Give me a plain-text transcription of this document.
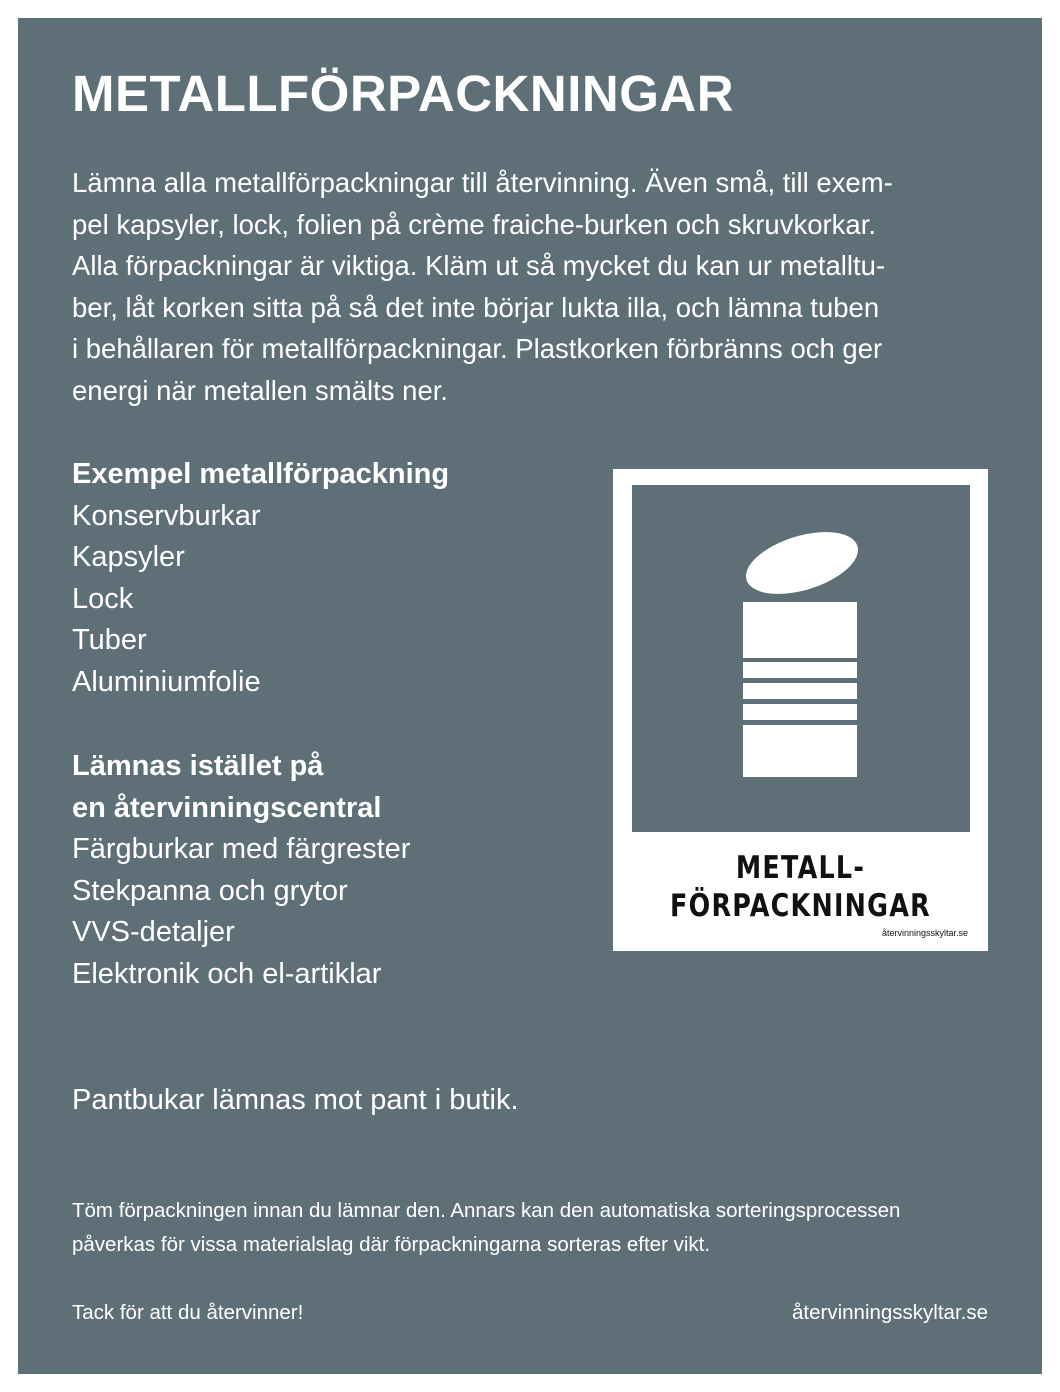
METALLFÖRPACKNINGAR

Lämna alla metallförpackningar till återvinning. Även små, till exem-
pel kapsyler, lock, folien på crème fraiche-burken och skruvkorkar.
Alla förpackningar är viktiga. Kläm ut så mycket du kan ur metalltu-
ber, låt korken sitta på så det inte börjar lukta illa, och lämna tuben
i behållaren för metallförpackningar. Plastkorken förbränns och ger
energi när metallen smälts ner.

Exempel metallförpackning
Konservburkar
Kapsyler
Lock
Tuber
Aluminiumfolie
Lämnas istället på
en återvinningscentral
Färgburkar med färgrester
Stekpanna och grytor
VVS-detaljer
Elektronik och el-artiklar

Pantbukar lämnas mot pant i butik.

Töm förpackningen innan du lämnar den. Annars kan den automatiska sorteringsprocessen
påverkas för vissa materialslag där förpackningarna sorteras efter vikt.

Tack för att du återvinner!	återvinningsskyltar.se

METALL-
FÖRPACKNINGAR

återvinningsskyltar.se
